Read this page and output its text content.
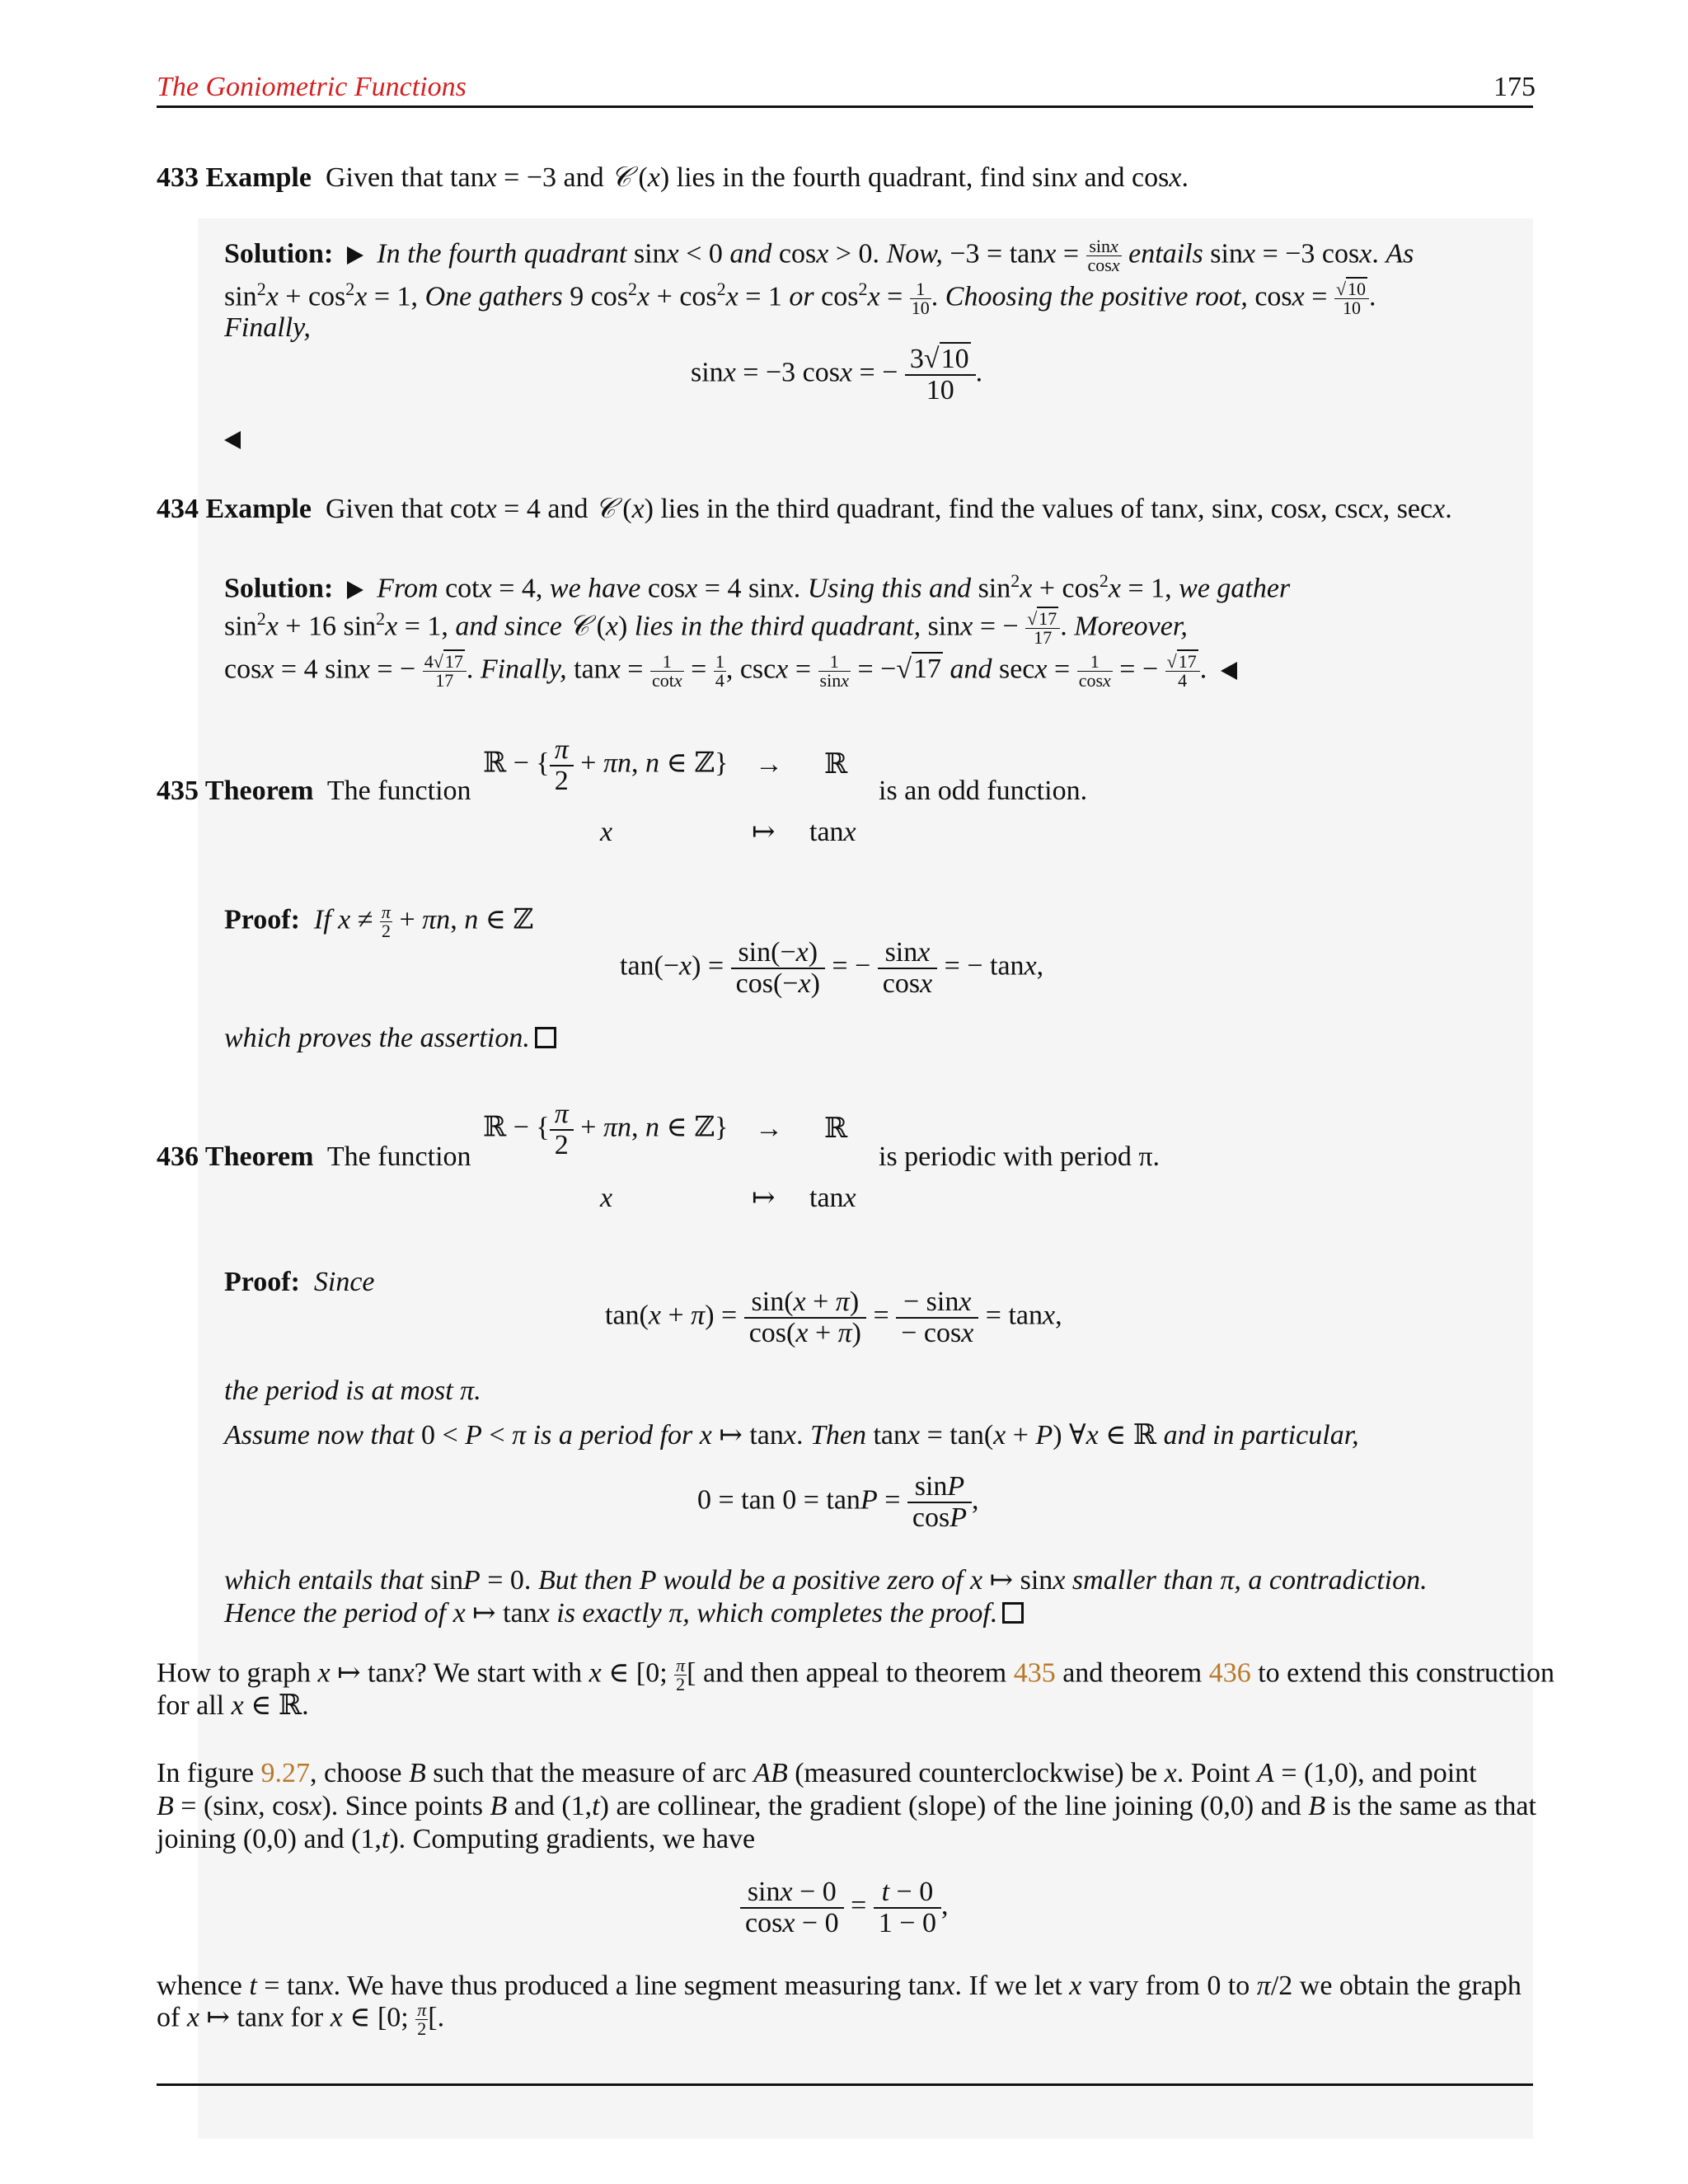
The Goniometric Functions	175
433 Example  Given that tanx = −3 and 𝒞 (x) lies in the fourth quadrant, find sinx and cosx.
Solution: In the fourth quadrant sinx < 0 and cosx > 0. Now, $-3 = \tan x = \frac{\sin x}{\cos x}$ entails sinx = −3 cosx. As
$\sin^2x + \cos^2x = 1$, One gathers 9 $\cos^2x + \cos^2x = 1$ or $\cos^2x = \frac{1}{10}$ . Choosing the positive root, $\cos x = \frac{√10}{10}$ .
Finally,
sinx = −3 cosx = − $\frac{3√10}{10}$ .
434 Example  Given that cotx = 4 and 𝒞 (x) lies in the third quadrant, find the values of tanx, sinx, cosx, cscx, secx.
Solution: From cotx = 4, we have cosx = 4 sinx. Using this and $\sin^2x + \cos^2x = 1$, we gather
$\sin^2x + 16$ $\sin^2x = 1$, and since 𝒞 (x) lies in the third quadrant, sinx = − $\frac{√17}{17}$ . Moreover,
cosx = 4 sinx = − $\frac{4√17}{17}$ . Finally, $\tan x = \frac{1}{\cot x} = \frac{1}{4}$ , $\csc x = \frac{1}{\sin x} = -√17$ and $\sec x = \frac{1}{\cos x}$ = − $\frac{√17}{4}$ .
ℝ − { $\frac{\pi}{2} + \pi n$, n ∈ ℤ} → ℝ
435 Theorem The function	is an odd function.
x	↦ tanx
Proof: If $x \ne \frac{\pi}{2} + \pi n$, n ∈ ℤ
$\tan(-x) = \frac{\sin(-x)}{\cos(-x)}$ = − $\frac{\sin x}{\cos x}$ = − tanx,
which proves the assertion.
ℝ − { $\frac{\pi}{2} + \pi n$, n ∈ ℤ} → ℝ
436 Theorem The function	is periodic with period π.
x	↦ tanx
Proof: Since
$\tan(x + \pi) = \frac{\sin(x + \pi)}{\cos(x + \pi)} = \frac{- \sin x}{- \cos x} = \tan x$,
the period is at most π.
Assume now that 0 < P < π is a period for x ↦ tanx. Then tanx = tan(x + P) ∀x ∈ ℝ and in particular,
$0 = \tan 0 = \tan P = \frac{\sin P}{\cos P}$ ,
which entails that sinP = 0. But then P would be a positive zero of x ↦ sinx smaller than π, a contradiction.
Hence the period of x ↦ tanx is exactly π, which completes the proof.
How to graph x ↦ tanx? We start with x ∈ [0; $\frac{\pi}{2}$ [ and then appeal to theorem 435 and theorem 436 to extend this construction
for all x ∈ ℝ.
In figure 9.27, choose B such that the measure of arc AB (measured counterclockwise) be x. Point A = (1,0), and point
B = (sinx, cosx). Since points B and (1,t) are collinear, the gradient (slope) of the line joining (0,0) and B is the same as that
joining (0,0) and (1,t). Computing gradients, we have
$\frac{\sin x - 0}{\cos x - 0} = \frac{t - 0}{1 - 0}$ ,
whence t = tanx. We have thus produced a line segment measuring tanx. If we let x vary from 0 to π/2 we obtain the graph
of x ↦ tanx for x ∈ [0; $\frac{\pi}{2}$ [.
